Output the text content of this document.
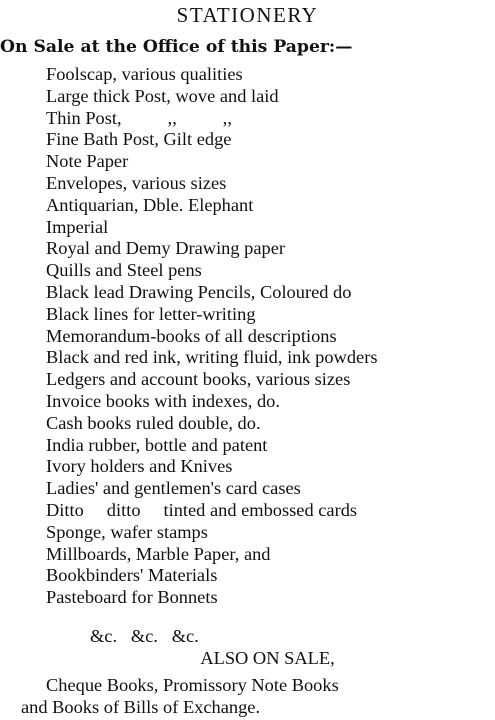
STATIONERY
On Sale at the Office of this Paper:—
Foolscap, various qualities
Large thick Post, wove and laid
Thin Post,          ,,          ,,
Fine Bath Post, Gilt edge
Note Paper
Envelopes, various sizes
Antiquarian, Dble. Elephant
Imperial
Royal and Demy Drawing paper
Quills and Steel pens
Black lead Drawing Pencils, Coloured do
Black lines for letter-writing
Memorandum-books of all descriptions
Black and red ink, writing fluid, ink powders
Ledgers and account books, various sizes
Invoice books with indexes, do.
Cash books ruled double, do.
India rubber, bottle and patent
Ivory holders and Knives
Ladies' and gentlemen's card cases
Ditto     ditto     tinted and embossed cards
Sponge, wafer stamps
Millboards, Marble Paper, and
Bookbinders' Materials
Pasteboard for Bonnets
&c.   &c.   &c.
ALSO ON SALE,
Cheque Books, Promissory Note Books
and Books of Bills of Exchange.
